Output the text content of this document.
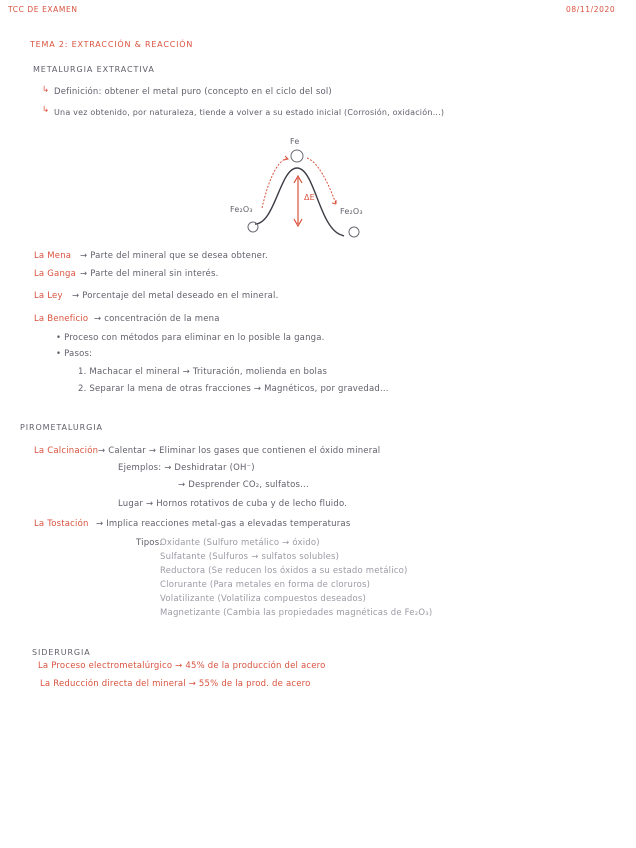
TCC DE EXAMEN	08/11/2020
TEMA 2: EXTRACCIÓN & REACCIÓN
METALURGIA EXTRACTIVA
↳ Definición: obtener el metal puro (concepto en el ciclo del sol)
↳ Una vez obtenido, por naturaleza, tiende a volver a su estado inicial (Corrosión, oxidación...)
Fe
Fe₂O₃	Fe₂O₃
ΔE
La Mena → Parte del mineral que se desea obtener.
La Ganga → Parte del mineral sin interés.
La Ley → Porcentaje del metal deseado en el mineral.
La Beneficio → concentración de la mena
• Proceso con métodos para eliminar en lo posible la ganga.
• Pasos:
1. Machacar el mineral → Trituración, molienda en bolas
2. Separar la mena de otras fracciones → Magnéticos, por gravedad...
PIROMETALURGIA
La Calcinación → Calentar → Eliminar los gases que contienen el óxido mineral
Ejemplos: → Deshidratar (OH⁻)
→ Desprender CO₂, sulfatos...
Lugar → Hornos rotativos de cuba y de lecho fluido.
La Tostación → Implica reacciones metal-gas a elevadas temperaturas
Tipos:
Oxidante (Sulfuro metálico → óxido)
Sulfatante (Sulfuros → sulfatos solubles)
Reductora (Se reducen los óxidos a su estado metálico)
Clorurante (Para metales en forma de cloruros)
Volatilizante (Volatiliza compuestos deseados)
Magnetizante (Cambia las propiedades magnéticas de Fe₂O₃)
SIDERURGIA
La Proceso electrometalúrgico → 45% de la producción del acero
La Reducción directa del mineral → 55% de la prod. de acero
